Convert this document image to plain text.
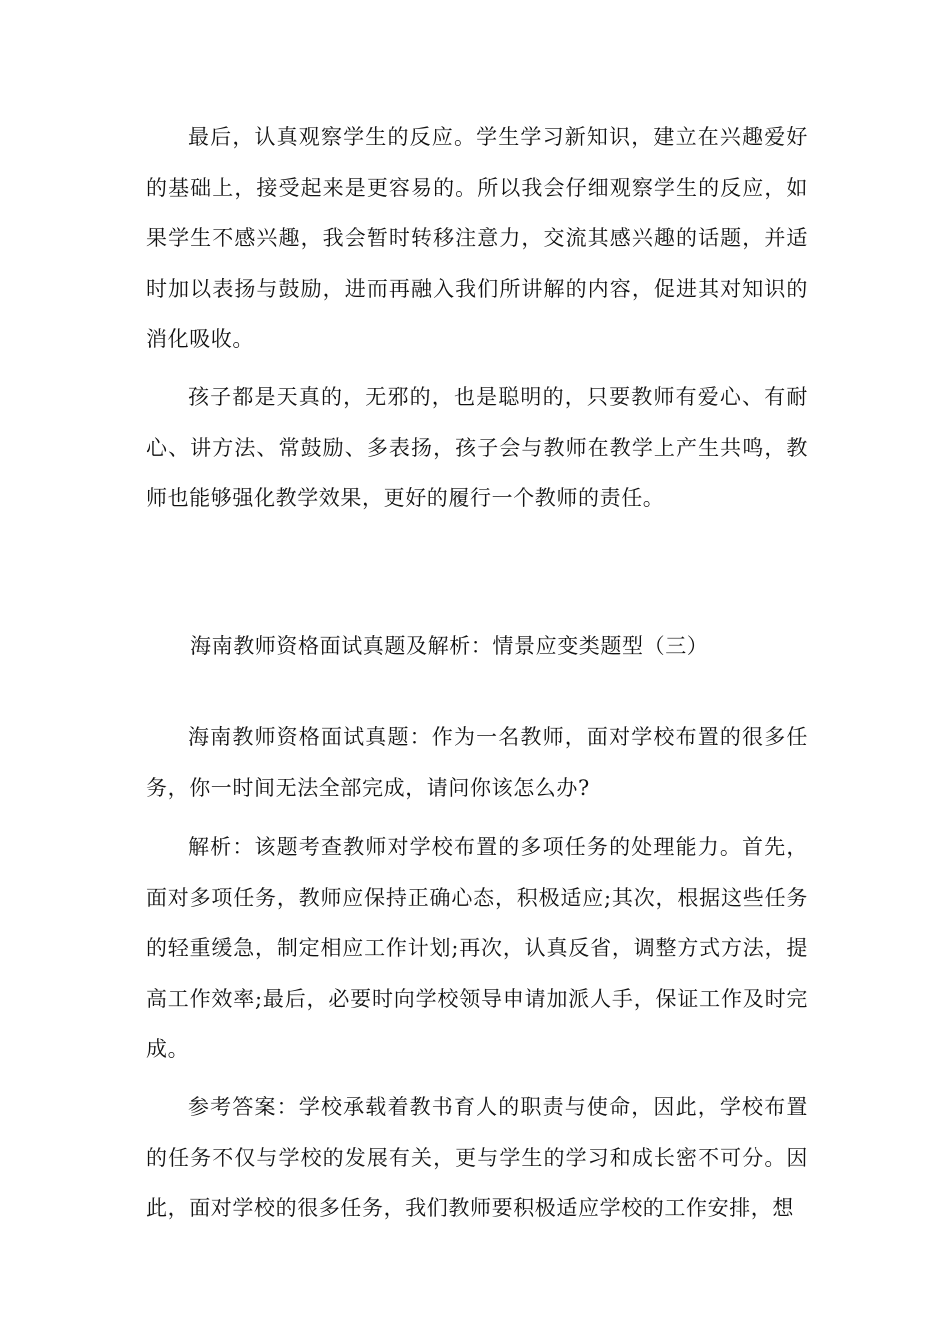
最后，认真观察学生的反应。学生学习新知识，建立在兴趣爱好的基础上，接受起来是更容易的。所以我会仔细观察学生的反应，如果学生不感兴趣，我会暂时转移注意力，交流其感兴趣的话题，并适时加以表扬与鼓励，进而再融入我们所讲解的内容，促进其对知识的消化吸收。

孩子都是天真的，无邪的，也是聪明的，只要教师有爱心、有耐心、讲方法、常鼓励、多表扬，孩子会与教师在教学上产生共鸣，教师也能够强化教学效果，更好的履行一个教师的责任。

海南教师资格面试真题及解析：情景应变类题型（三）

海南教师资格面试真题：作为一名教师，面对学校布置的很多任务，你一时间无法全部完成，请问你该怎么办?

解析：该题考查教师对学校布置的多项任务的处理能力。首先，面对多项任务，教师应保持正确心态，积极适应;其次，根据这些任务的轻重缓急，制定相应工作计划;再次，认真反省，调整方式方法，提高工作效率;最后，必要时向学校领导申请加派人手，保证工作及时完成。

参考答案：学校承载着教书育人的职责与使命，因此，学校布置的任务不仅与学校的发展有关，更与学生的学习和成长密不可分。因此，面对学校的很多任务，我们教师要积极适应学校的工作安排，想
